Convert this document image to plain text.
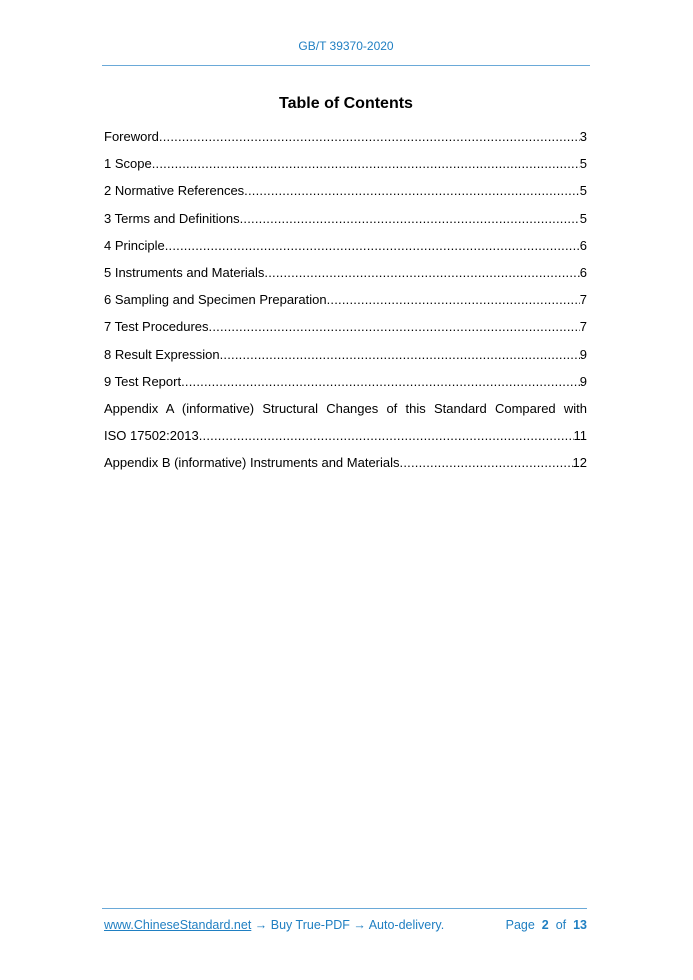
GB/T 39370-2020
Table of Contents
Foreword .....	3
1 Scope .....	5
2 Normative References .....	5
3 Terms and Definitions .....	5
4 Principle .....	6
5 Instruments and Materials .....	6
6 Sampling and Specimen Preparation .....	7
7 Test Procedures .....	7
8 Result Expression .....	9
9 Test Report .....	9
Appendix A (informative) Structural Changes of this Standard Compared with
ISO 17502:2013 .....	11
Appendix B (informative) Instruments and Materials .....	12
www.ChineseStandard.net → Buy True-PDF → Auto-delivery.	Page 2 of 13
